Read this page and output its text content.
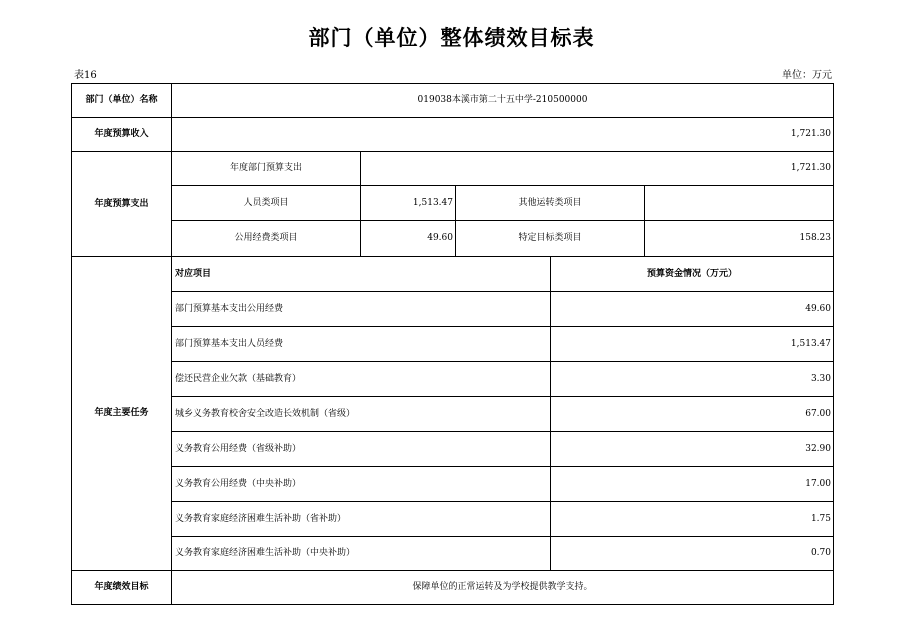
部门（单位）整体绩效目标表
表16	单位：万元
部门（单位）名称	019038本溪市第二十五中学-210500000
年度预算收入	1,721.30
年度预算支出
年度部门预算支出	1,721.30
人员类项目	1,513.47	其他运转类项目
公用经费类项目	49.60	特定目标类项目	158.23
年度主要任务
对应项目	预算资金情况（万元）
部门预算基本支出公用经费	49.60
部门预算基本支出人员经费	1,513.47
偿还民营企业欠款（基础教育）	3.30
城乡义务教育校舍安全改造长效机制（省级）	67.00
义务教育公用经费（省级补助）	32.90
义务教育公用经费（中央补助）	17.00
义务教育家庭经济困难生活补助（省补助）	1.75
义务教育家庭经济困难生活补助（中央补助）	0.70
年度绩效目标	保障单位的正常运转及为学校提供教学支持。
